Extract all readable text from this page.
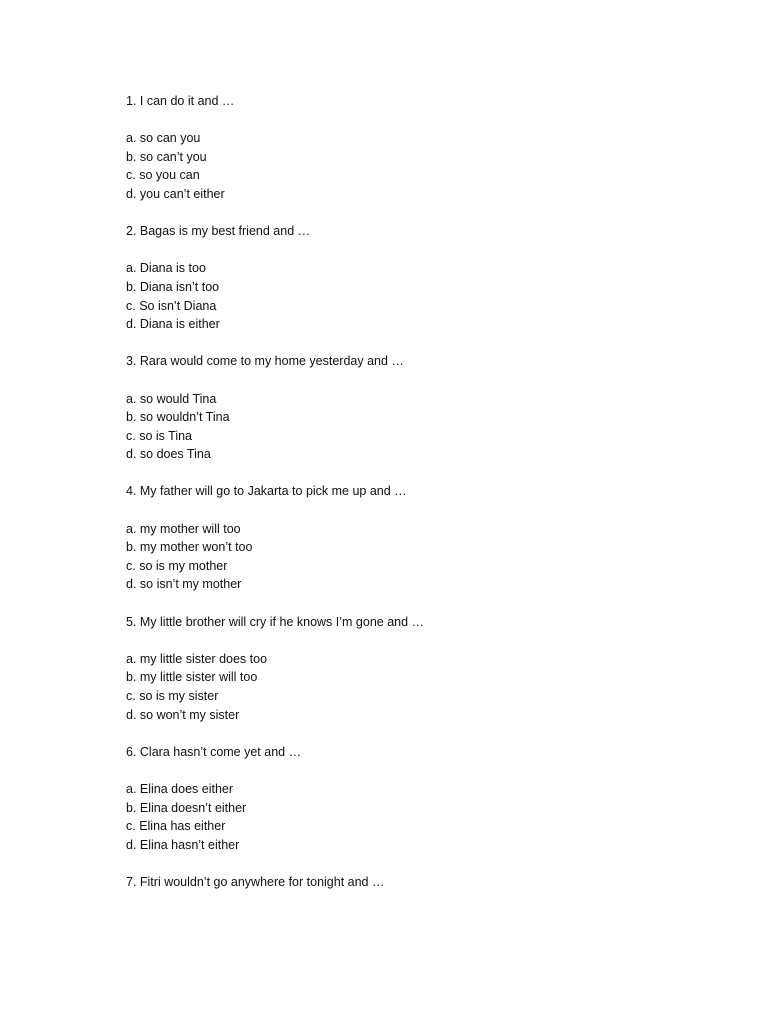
1. I can do it and …
a. so can you
b. so can’t you
c. so you can
d. you can’t either
2. Bagas is my best friend and …
a. Diana is too
b. Diana isn’t too
c. So isn’t Diana
d. Diana is either
3. Rara would come to my home yesterday and …
a. so would Tina
b. so wouldn’t Tina
c. so is Tina
d. so does Tina
4. My father will go to Jakarta to pick me up and …
a. my mother will too
b. my mother won’t too
c. so is my mother
d. so isn’t my mother
5. My little brother will cry if he knows I’m gone and …
a. my little sister does too
b. my little sister will too
c. so is my sister
d. so won’t my sister
6. Clara hasn’t come yet and …
a. Elina does either
b. Elina doesn’t either
c. Elina has either
d. Elina hasn’t either
7. Fitri wouldn’t go anywhere for tonight and …
